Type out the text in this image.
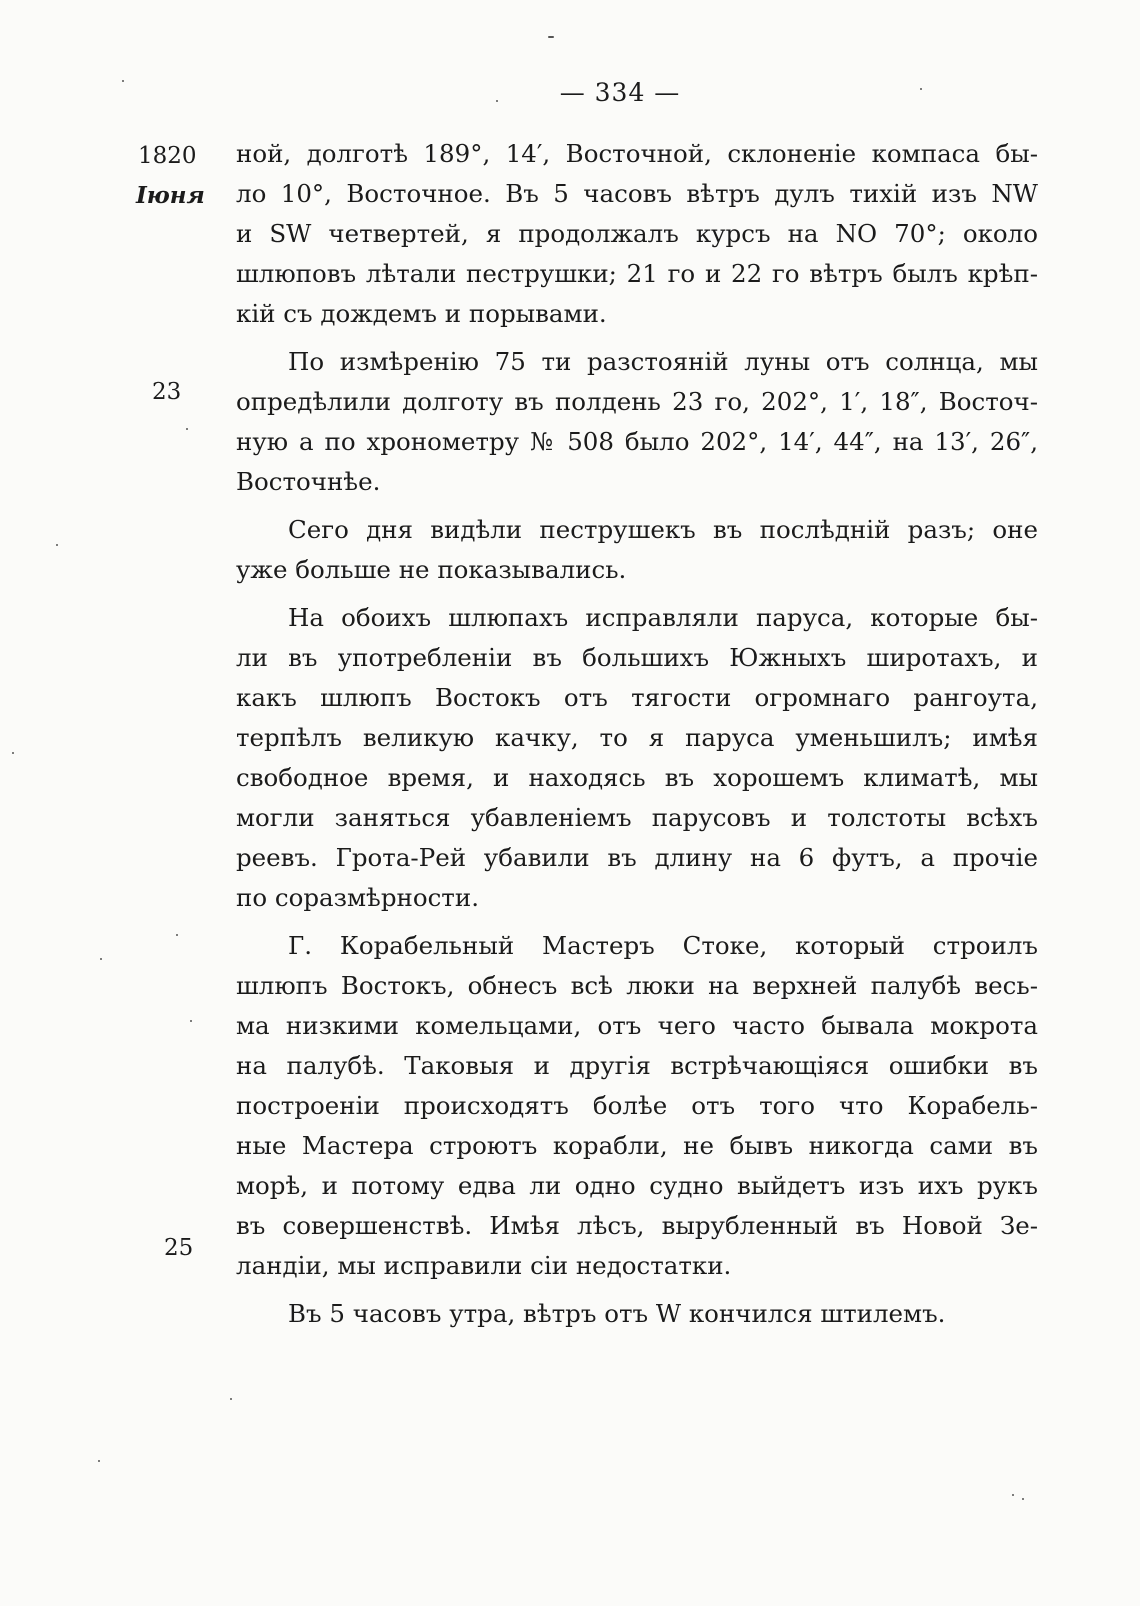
— 334 —
1820
Іюня
23
25
ной, долготѣ 189°, 14′, Восточной, склоненіе компаса бы-
ло 10°, Восточное. Въ 5 часовъ вѣтръ дулъ тихій изъ NW
и SW четвертей, я продолжалъ курсъ на NO 70°; около
шлюповъ лѣтали пеструшки; 21 го и 22 го вѣтръ былъ крѣп-
кій съ дождемъ и порывами.
По измѣренію 75 ти разстояній луны отъ солнца, мы
опредѣлили долготу въ полдень 23 го, 202°, 1′, 18″, Восточ-
ную а по хронометру № 508 было 202°, 14′, 44″, на 13′, 26″,
Восточнѣе.
Сего дня видѣли пеструшекъ въ послѣдній разъ; оне
уже больше не показывались.
На обоихъ шлюпахъ исправляли паруса, которые бы-
ли въ употребленіи въ большихъ Южныхъ широтахъ, и
какъ шлюпъ Востокъ отъ тягости огромнаго рангоута,
терпѣлъ великую качку, то я паруса уменьшилъ; имѣя
свободное время, и находясь въ хорошемъ климатѣ, мы
могли заняться убавленіемъ парусовъ и толстоты всѣхъ
реевъ. Грота-Рей убавили въ длину на 6 футъ, а прочіе
по соразмѣрности.
Г. Корабельный Мастеръ Стоке, который строилъ
шлюпъ Востокъ, обнесъ всѣ люки на верхней палубѣ весь-
ма низкими комельцами, отъ чего часто бывала мокрота
на палубѣ. Таковыя и другія встрѣчающіяся ошибки въ
построеніи происходятъ болѣе отъ того что Корабель-
ные Мастера строютъ корабли, не бывъ никогда сами въ
морѣ, и потому едва ли одно судно выйдетъ изъ ихъ рукъ
въ совершенствѣ. Имѣя лѣсъ, вырубленный въ Новой Зе-
ландіи, мы исправили сіи недостатки.
Въ 5 часовъ утра, вѣтръ отъ W кончился штилемъ.
